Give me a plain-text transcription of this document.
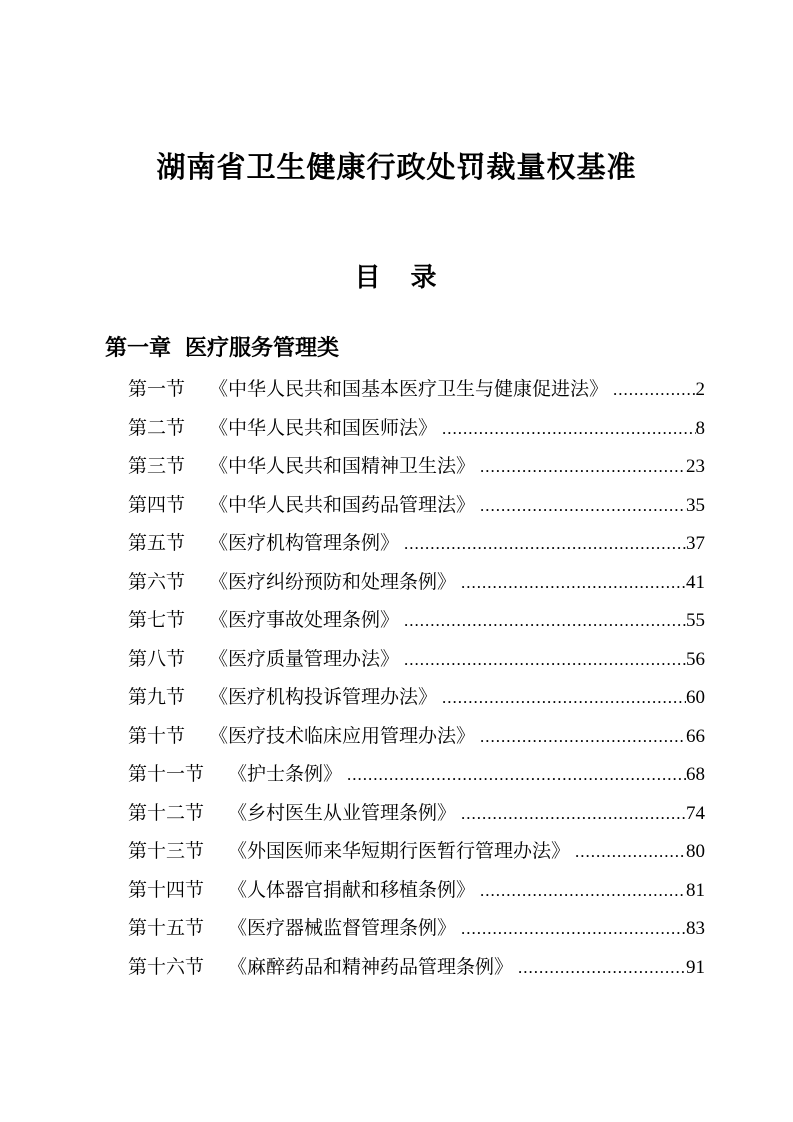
湖南省卫生健康行政处罚裁量权基准
目　录
第一章 医疗服务管理类
第一节 《中华人民共和国基本医疗卫生与健康促进法》 .....	2
第二节 《中华人民共和国医师法》 .....	8
第三节 《中华人民共和国精神卫生法》 .....	23
第四节 《中华人民共和国药品管理法》 .....	35
第五节 《医疗机构管理条例》 .....	37
第六节 《医疗纠纷预防和处理条例》 .....	41
第七节 《医疗事故处理条例》 .....	55
第八节 《医疗质量管理办法》 .....	56
第九节 《医疗机构投诉管理办法》 .....	60
第十节 《医疗技术临床应用管理办法》 .....	66
第十一节 《护士条例》 .....	68
第十二节 《乡村医生从业管理条例》 .....	74
第十三节 《外国医师来华短期行医暂行管理办法》 .....	80
第十四节 《人体器官捐献和移植条例》 .....	81
第十五节 《医疗器械监督管理条例》 .....	83
第十六节 《麻醉药品和精神药品管理条例》 .....	91
